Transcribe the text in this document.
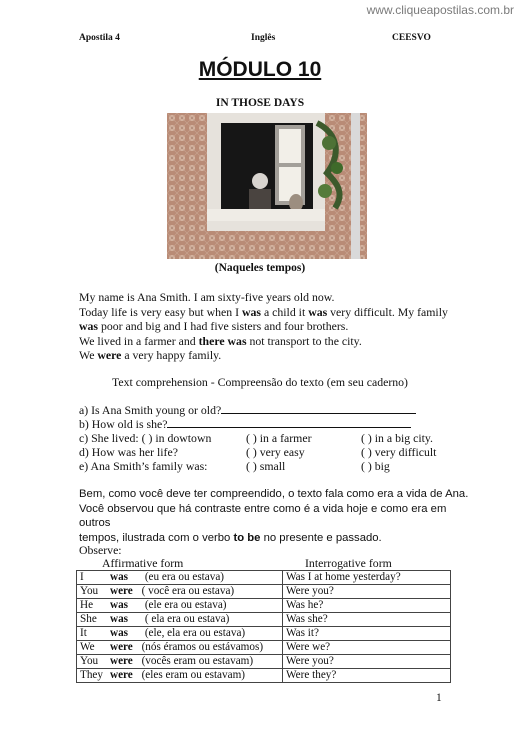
www.cliqueapostilas.com.br
Apostila 4	Inglês	CEESVO
MÓDULO 10
IN THOSE DAYS
(Naqueles tempos)
My name is Ana Smith. I am sixty-five years old now.
Today life is very easy but when I was a child it was very difficult. My family
was poor and big and I had five sisters and four brothers.
We lived in a farmer and there was not transport to the city.
We were a very happy family.
Text comprehension - Compreensão do texto (em seu caderno)
a) Is Ana Smith young or old?
b) How old is she?
c) She lived: ( ) in dowtown	( ) in a farmer	( ) in a big city.
d) How was her life?	( ) very easy	( ) very difficult
e) Ana Smith’s family was:	( ) small	( ) big
Bem, como você deve ter compreendido, o texto fala como era a vida de Ana.
Você observou que há contraste entre como é a vida hoje e como era em outros
tempos, ilustrada com o verbo to be no presente e passado.
Observe:
Affirmative form	Interrogative form
I was (eu era ou estava)	Was I at home yesterday?
You were ( você era ou estava)	Were you?
He was (ele era ou estava)	Was he?
She was ( ela era ou estava)	Was she?
It was (ele, ela era ou estava)	Was it?
We were (nós éramos ou estávamos)	Were we?
You were (vocês eram ou estavam)	Were you?
They were (eles eram ou estavam)	Were they?
1
